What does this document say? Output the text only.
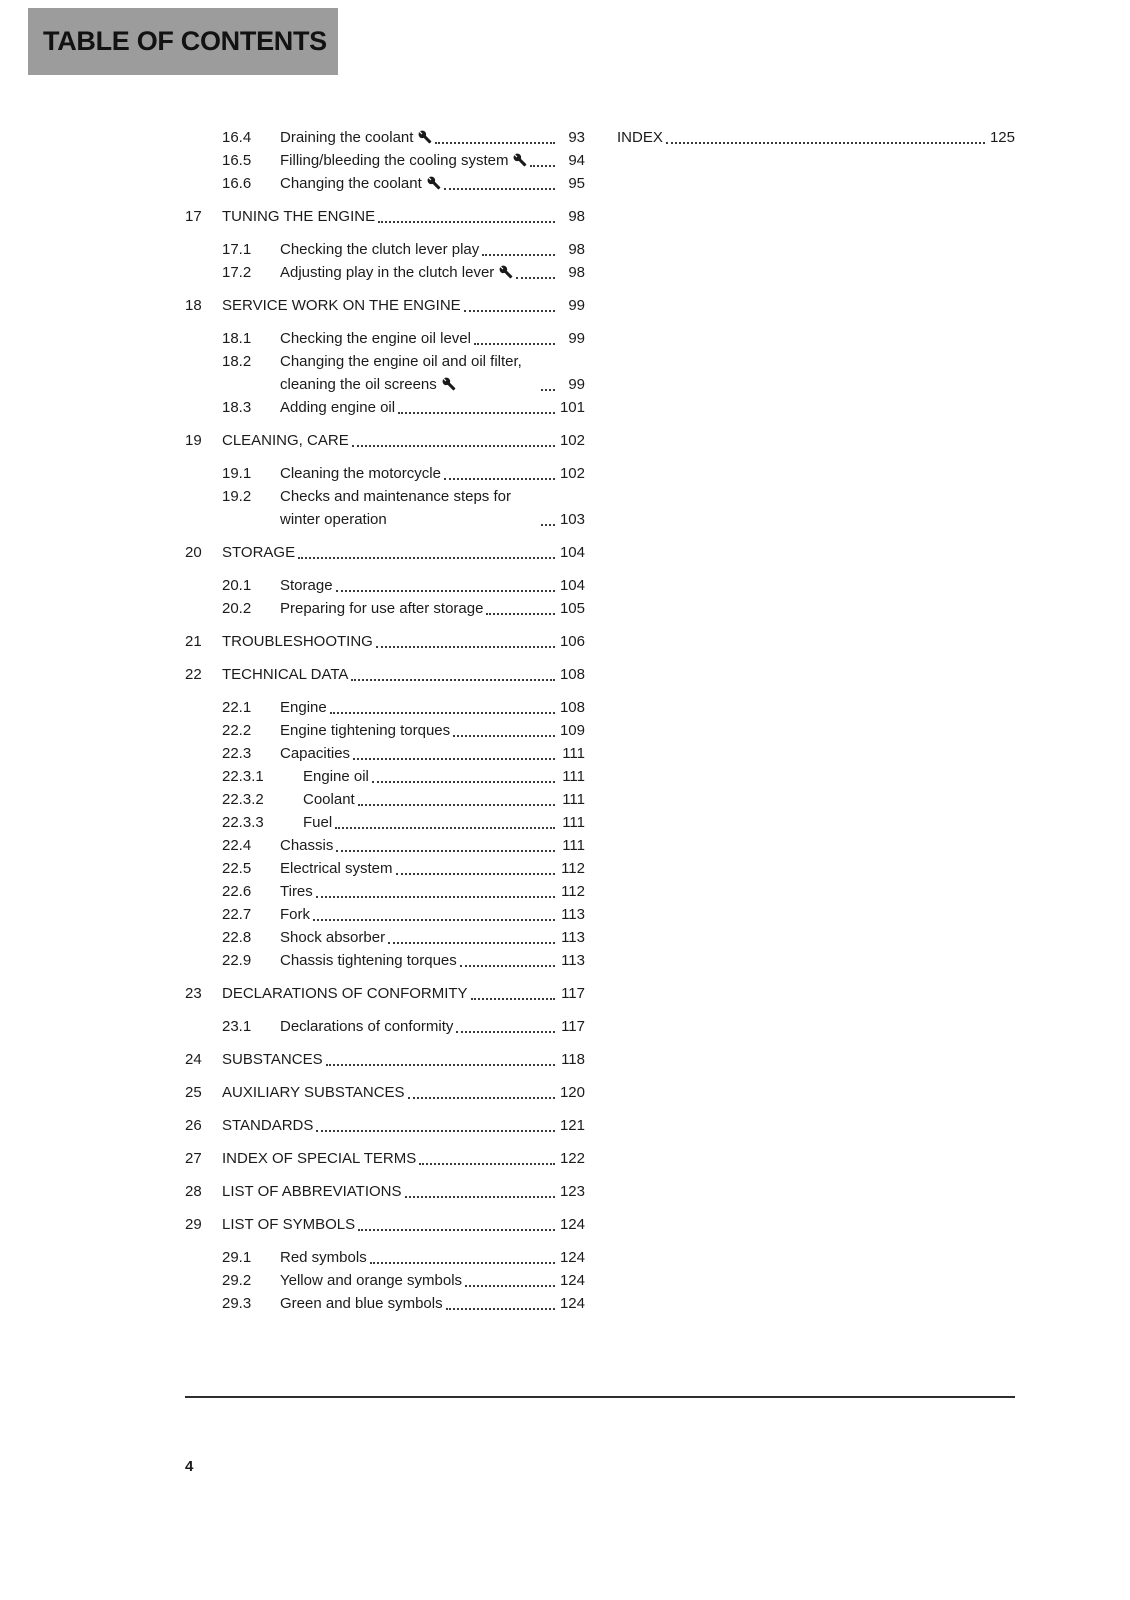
TABLE OF CONTENTS
16.4	Draining the coolant	93
16.5	Filling/bleeding the cooling system	94
16.6	Changing the coolant	95
17	TUNING THE ENGINE	98
17.1	Checking the clutch lever play	98
17.2	Adjusting play in the clutch lever	98
18	SERVICE WORK ON THE ENGINE	99
18.1	Checking the engine oil level	99
18.2	Changing the engine oil and oil filter, cleaning the oil screens	99
18.3	Adding engine oil	101
19	CLEANING, CARE	102
19.1	Cleaning the motorcycle	102
19.2	Checks and maintenance steps for winter operation	103
20	STORAGE	104
20.1	Storage	104
20.2	Preparing for use after storage	105
21	TROUBLESHOOTING	106
22	TECHNICAL DATA	108
22.1	Engine	108
22.2	Engine tightening torques	109
22.3	Capacities	111
22.3.1	Engine oil	111
22.3.2	Coolant	111
22.3.3	Fuel	111
22.4	Chassis	111
22.5	Electrical system	112
22.6	Tires	112
22.7	Fork	113
22.8	Shock absorber	113
22.9	Chassis tightening torques	113
23	DECLARATIONS OF CONFORMITY	117
23.1	Declarations of conformity	117
24	SUBSTANCES	118
25	AUXILIARY SUBSTANCES	120
26	STANDARDS	121
27	INDEX OF SPECIAL TERMS	122
28	LIST OF ABBREVIATIONS	123
29	LIST OF SYMBOLS	124
29.1	Red symbols	124
29.2	Yellow and orange symbols	124
29.3	Green and blue symbols	124
INDEX	125
4
